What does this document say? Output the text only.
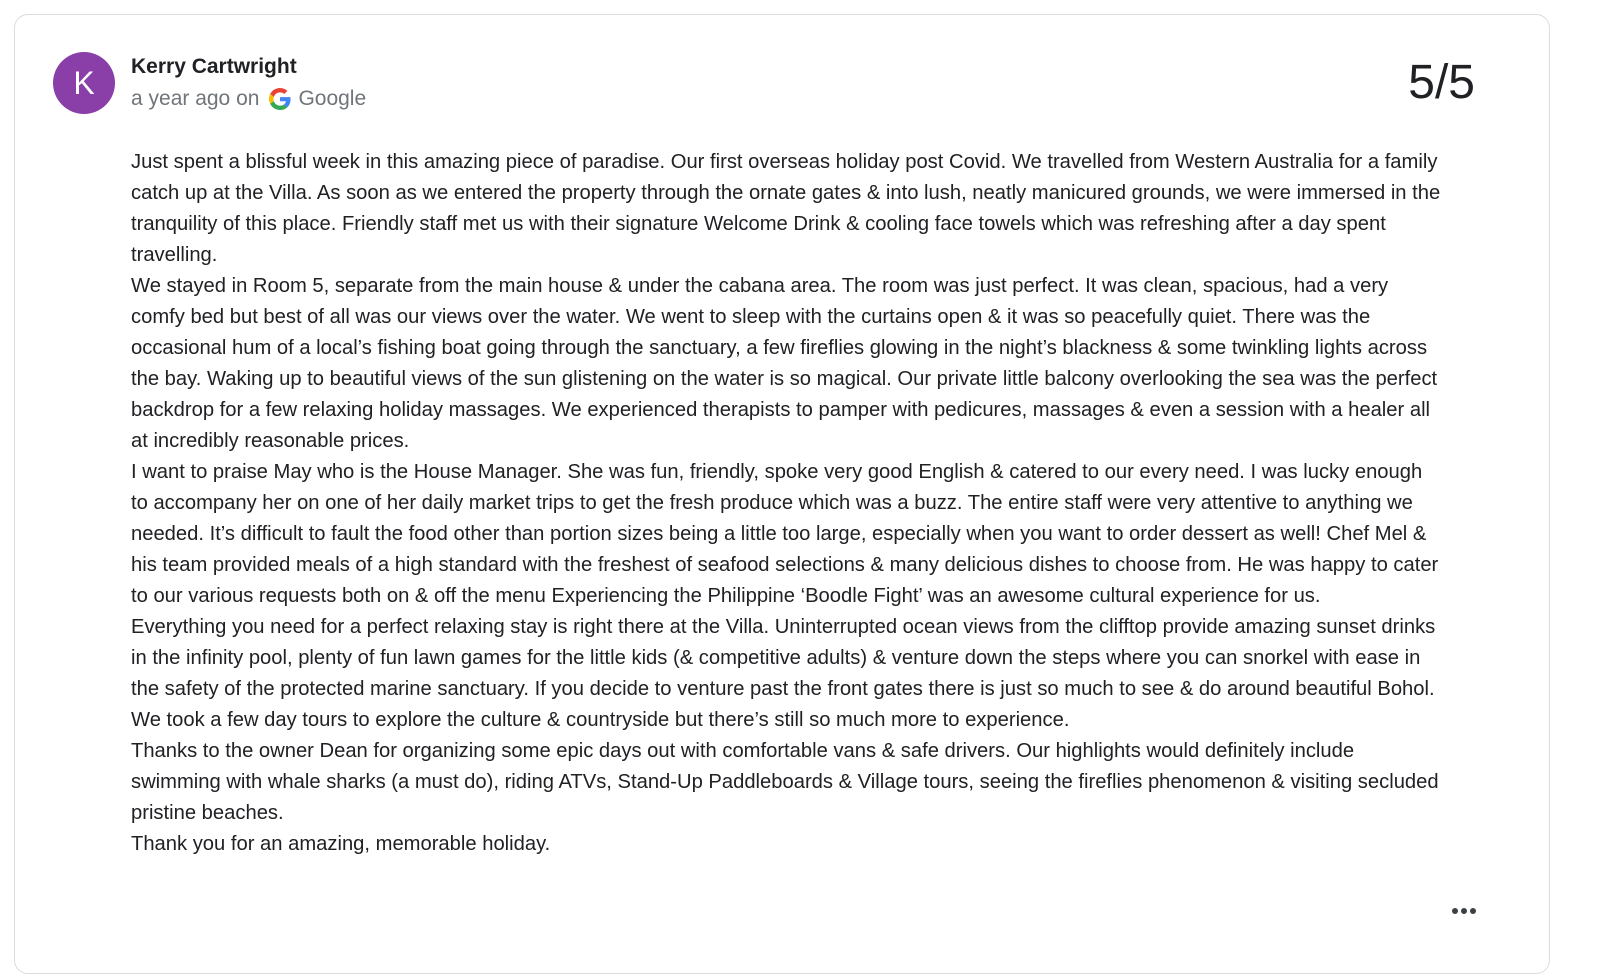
K	Kerry Cartwright
a year ago on Google	5/5

Just spent a blissful week in this amazing piece of paradise. Our first overseas holiday post Covid. We travelled from Western Australia for a family catch up at the Villa. As soon as we entered the property through the ornate gates & into lush, neatly manicured grounds, we were immersed in the tranquility of this place. Friendly staff met us with their signature Welcome Drink & cooling face towels which was refreshing after a day spent travelling.

We stayed in Room 5, separate from the main house & under the cabana area. The room was just perfect. It was clean, spacious, had a very comfy bed but best of all was our views over the water. We went to sleep with the curtains open & it was so peacefully quiet. There was the occasional hum of a local’s fishing boat going through the sanctuary, a few fireflies glowing in the night’s blackness & some twinkling lights across the bay. Waking up to beautiful views of the sun glistening on the water is so magical. Our private little balcony overlooking the sea was the perfect backdrop for a few relaxing holiday massages. We experienced therapists to pamper with pedicures, massages & even a session with a healer all at incredibly reasonable prices.

I want to praise May who is the House Manager. She was fun, friendly, spoke very good English & catered to our every need. I was lucky enough to accompany her on one of her daily market trips to get the fresh produce which was a buzz. The entire staff were very attentive to anything we needed. It’s difficult to fault the food other than portion sizes being a little too large, especially when you want to order dessert as well! Chef Mel & his team provided meals of a high standard with the freshest of seafood selections & many delicious dishes to choose from. He was happy to cater to our various requests both on & off the menu Experiencing the Philippine ‘Boodle Fight’ was an awesome cultural experience for us.

Everything you need for a perfect relaxing stay is right there at the Villa. Uninterrupted ocean views from the clifftop provide amazing sunset drinks in the infinity pool, plenty of fun lawn games for the little kids (& competitive adults) & venture down the steps where you can snorkel with ease in the safety of the protected marine sanctuary. If you decide to venture past the front gates there is just so much to see & do around beautiful Bohol. We took a few day tours to explore the culture & countryside but there’s still so much more to experience.

Thanks to the owner Dean for organizing some epic days out with comfortable vans & safe drivers. Our highlights would definitely include swimming with whale sharks (a must do), riding ATVs, Stand-Up Paddleboards & Village tours, seeing the fireflies phenomenon & visiting secluded pristine beaches.

Thank you for an amazing, memorable holiday.
